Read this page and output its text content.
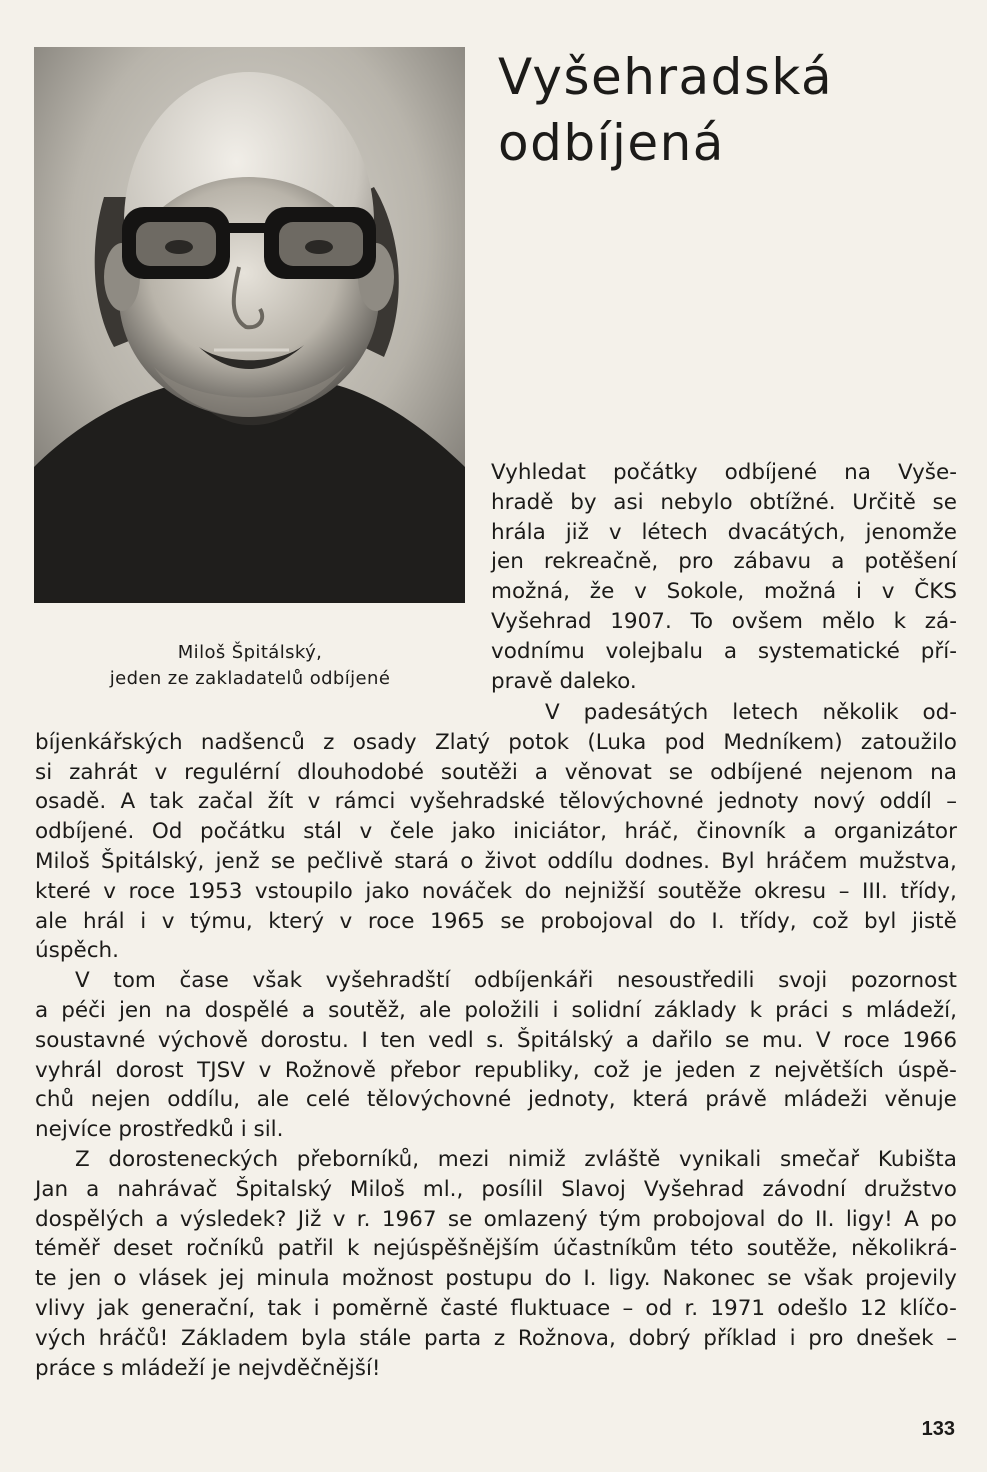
Miloš Špitálský,
jeden ze zakladatelů odbíjené
Vyšehradská
odbíjená
Vyhledat počátky odbíjené na Vyše-
hradě by asi nebylo obtížné. Určitě se
hrála již v létech dvacátých, jenomže
jen rekreačně, pro zábavu a potěšení
možná, že v Sokole, možná i v ČKS
Vyšehrad 1907. To ovšem mělo k zá-
vodnímu volejbalu a systematické pří-
pravě daleko.
V padesátých letech několik od-
bíjenkářských nadšenců z osady Zlatý potok (Luka pod Medníkem) zatoužilo
si zahrát v regulérní dlouhodobé soutěži a věnovat se odbíjené nejenom na
osadě. A tak začal žít v rámci vyšehradské tělovýchovné jednoty nový oddíl –
odbíjené. Od počátku stál v čele jako iniciátor, hráč, činovník a organizátor
Miloš Špitálský, jenž se pečlivě stará o život oddílu dodnes. Byl hráčem mužstva,
které v roce 1953 vstoupilo jako nováček do nejnižší soutěže okresu – III. třídy,
ale hrál i v týmu, který v roce 1965 se probojoval do I. třídy, což byl jistě
úspěch.
V tom čase však vyšehradští odbíjenkáři nesoustředili svoji pozornost
a péči jen na dospělé a soutěž, ale položili i solidní základy k práci s mládeží,
soustavné výchově dorostu. I ten vedl s. Špitálský a dařilo se mu. V roce 1966
vyhrál dorost TJSV v Rožnově přebor republiky, což je jeden z největších úspě-
chů nejen oddílu, ale celé tělovýchovné jednoty, která právě mládeži věnuje
nejvíce prostředků i sil.
Z dorosteneckých přeborníků, mezi nimiž zvláště vynikali smečař Kubišta
Jan a nahrávač Špitalský Miloš ml., posílil Slavoj Vyšehrad závodní družstvo
dospělých a výsledek? Již v r. 1967 se omlazený tým probojoval do II. ligy! A po
téměř deset ročníků patřil k nejúspěšnějším účastníkům této soutěže, několikrá-
te jen o vlásek jej minula možnost postupu do I. ligy. Nakonec se však projevily
vlivy jak generační, tak i poměrně časté fluktuace – od r. 1971 odešlo 12 klíčo-
vých hráčů! Základem byla stále parta z Rožnova, dobrý příklad i pro dnešek –
práce s mládeží je nejvděčnější!
133
